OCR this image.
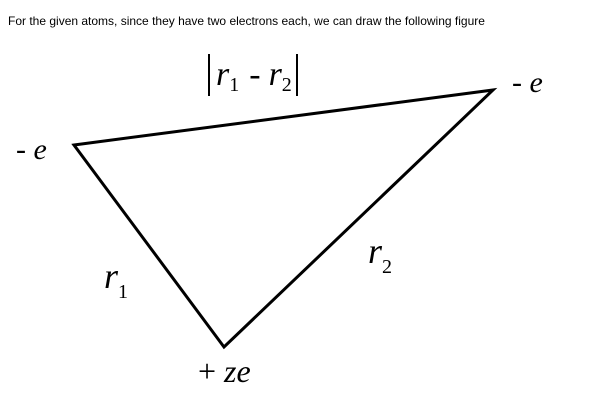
For the given atoms, since they have two electrons each, we can draw the following figure
- e
- e
+ ze
$r_1$
$r_2$
r 1 - r 2
